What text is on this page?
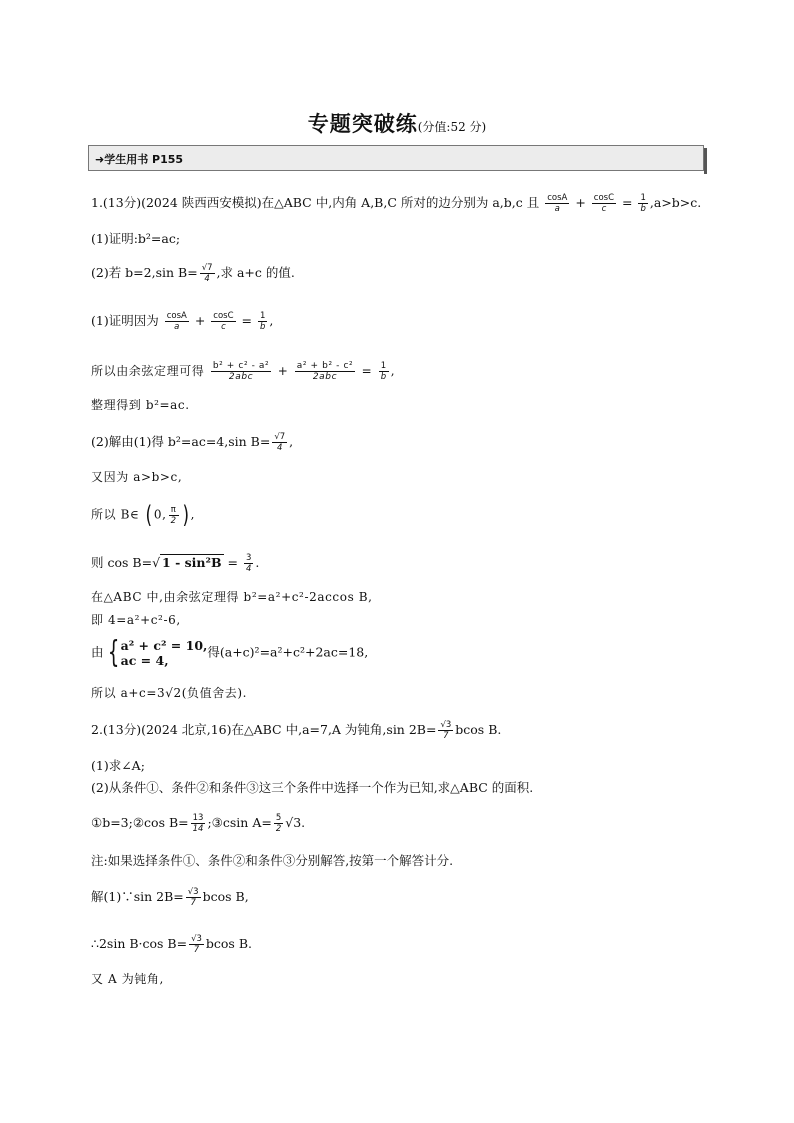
专题突破练(分值:52 分)
➜学生用书 P155
1.(13分)(2024 陕西西安模拟)在△ABC 中,内角 A,B,C 所对的边分别为 a,b,c 且 $\frac{\cos A}{a} + \frac{\cos C}{c} = \frac{1}{b} ,a>b>c$.
(1)证明:b²=ac;
(2)若 b=2,sin $B= \frac{√7}{4}$ ,求 a+c 的值.
(1)证明因为 $\frac{\cos A}{a} + \frac{\cos C}{c} = \frac{1}{b}$ ,
所以由余弦定理可得 $\frac{\text{b² + c² - a²}}{\text{2abc}} + \frac{\text{a² + b² - c²}}{\text{2abc}} = \frac{1}{b}$ ,
整理得到 b²=ac.
(2)解由(1)得 b²=ac=4,sin $B= \frac{√7}{4}$ ,
又因为 a>b>c,
所以 B∈ (0, $\frac{\pi}{2}$ ),
则 cos B=√ $1 - \sin^2B = \frac{3}{4}$ .
在△ABC 中,由余弦定理得 b²=a²+c²-2accos B,
即 4=a²+c²-6,
由 { a² + c² = 10,
ac = 4,
得(a+c)²=a²+c²+2ac=18,
所以 a+c=3√2(负值舍去).
2.(13分)(2024 北京,16)在△ABC 中,a=7,A 为钝角,sin $2B= \frac{√3}{7}$ bcos B.
(1)求∠A;
(2)从条件①、条件②和条件③这三个条件中选择一个作为已知,求△ABC 的面积.
①b=3;②cos $B= \frac{13}{14}$ ;③csin $A= \frac{5}{2} √3$.
注:如果选择条件①、条件②和条件③分别解答,按第一个解答计分.
解(1)∵sin $2B= \frac{√3}{7}$ bcos B,
∴2sin B·cos $B= \frac{√3}{7}$ bcos B.
又 A 为钝角,
